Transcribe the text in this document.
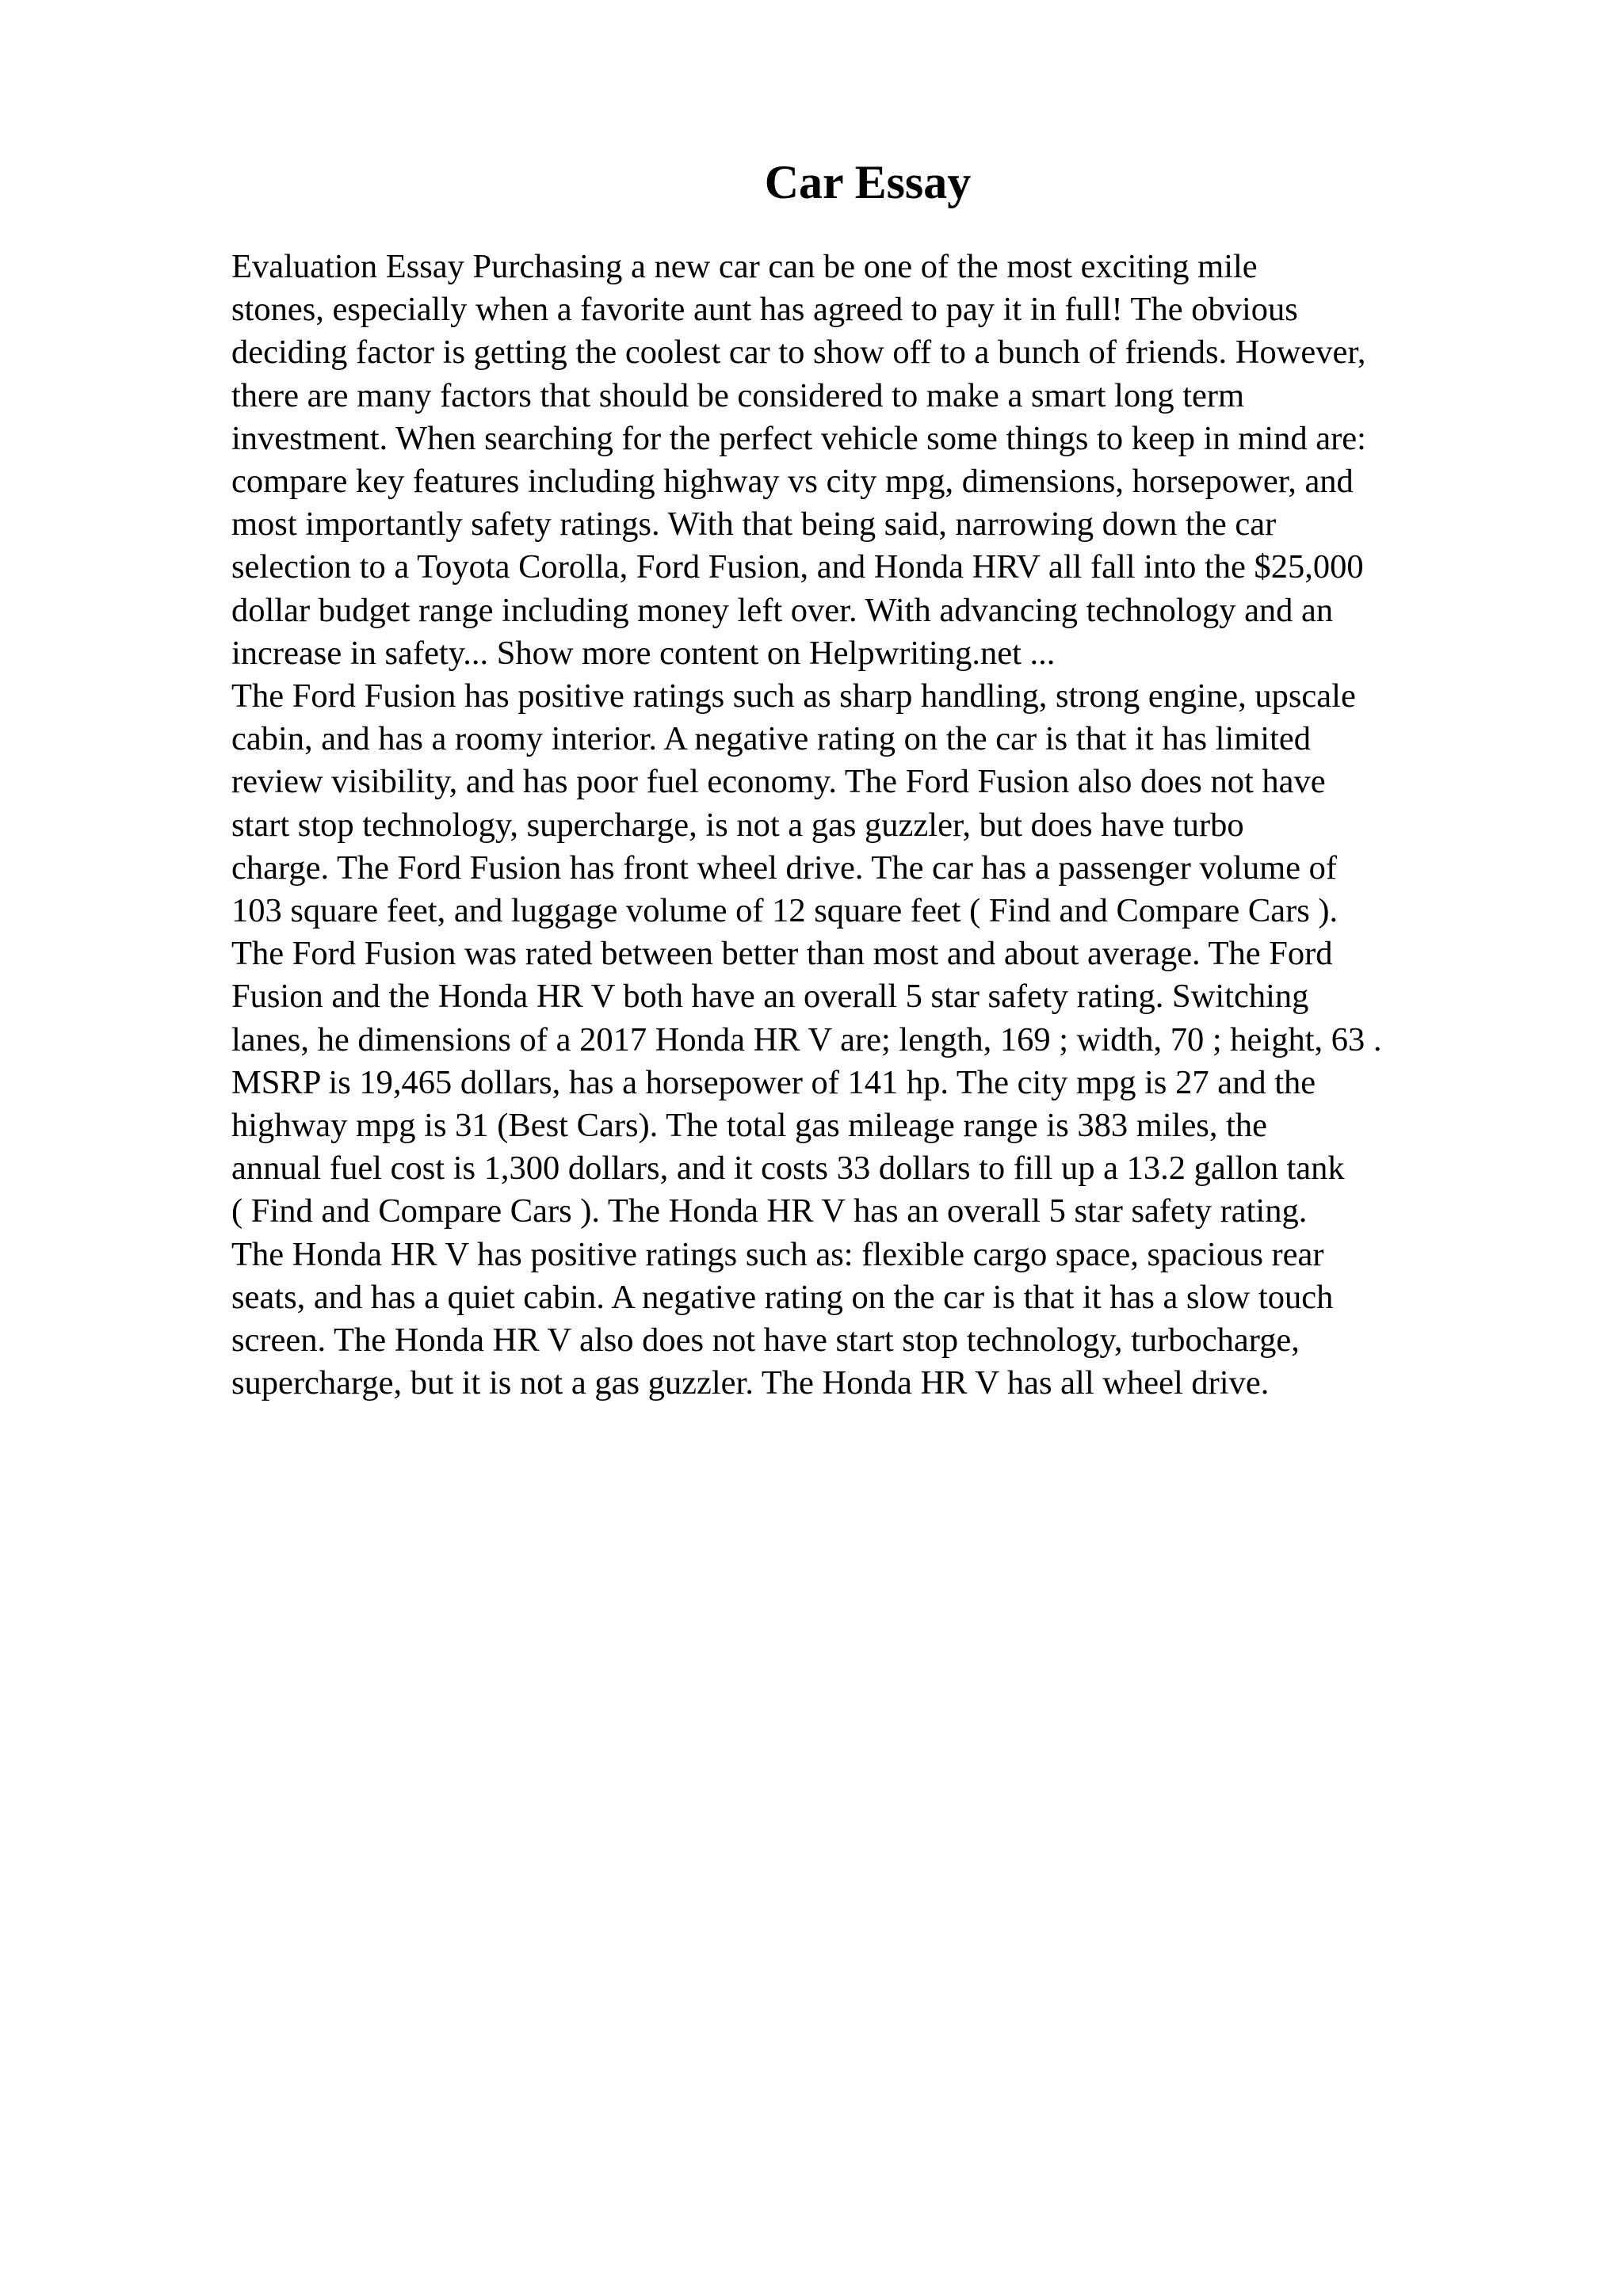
Car Essay
Evaluation Essay Purchasing a new car can be one of the most exciting mile
stones, especially when a favorite aunt has agreed to pay it in full! The obvious
deciding factor is getting the coolest car to show off to a bunch of friends. However,
there are many factors that should be considered to make a smart long term
investment. When searching for the perfect vehicle some things to keep in mind are:
compare key features including highway vs city mpg, dimensions, horsepower, and
most importantly safety ratings. With that being said, narrowing down the car
selection to a Toyota Corolla, Ford Fusion, and Honda HRV all fall into the $25,000
dollar budget range including money left over. With advancing technology and an
increase in safety... Show more content on Helpwriting.net ...
The Ford Fusion has positive ratings such as sharp handling, strong engine, upscale
cabin, and has a roomy interior. A negative rating on the car is that it has limited
review visibility, and has poor fuel economy. The Ford Fusion also does not have
start stop technology, supercharge, is not a gas guzzler, but does have turbo
charge. The Ford Fusion has front wheel drive. The car has a passenger volume of
103 square feet, and luggage volume of 12 square feet ( Find and Compare Cars ).
The Ford Fusion was rated between better than most and about average. The Ford
Fusion and the Honda HR V both have an overall 5 star safety rating. Switching
lanes, he dimensions of a 2017 Honda HR V are; length, 169 ; width, 70 ; height, 63 .
MSRP is 19,465 dollars, has a horsepower of 141 hp. The city mpg is 27 and the
highway mpg is 31 (Best Cars). The total gas mileage range is 383 miles, the
annual fuel cost is 1,300 dollars, and it costs 33 dollars to fill up a 13.2 gallon tank
( Find and Compare Cars ). The Honda HR V has an overall 5 star safety rating.
The Honda HR V has positive ratings such as: flexible cargo space, spacious rear
seats, and has a quiet cabin. A negative rating on the car is that it has a slow touch
screen. The Honda HR V also does not have start stop technology, turbocharge,
supercharge, but it is not a gas guzzler. The Honda HR V has all wheel drive.
